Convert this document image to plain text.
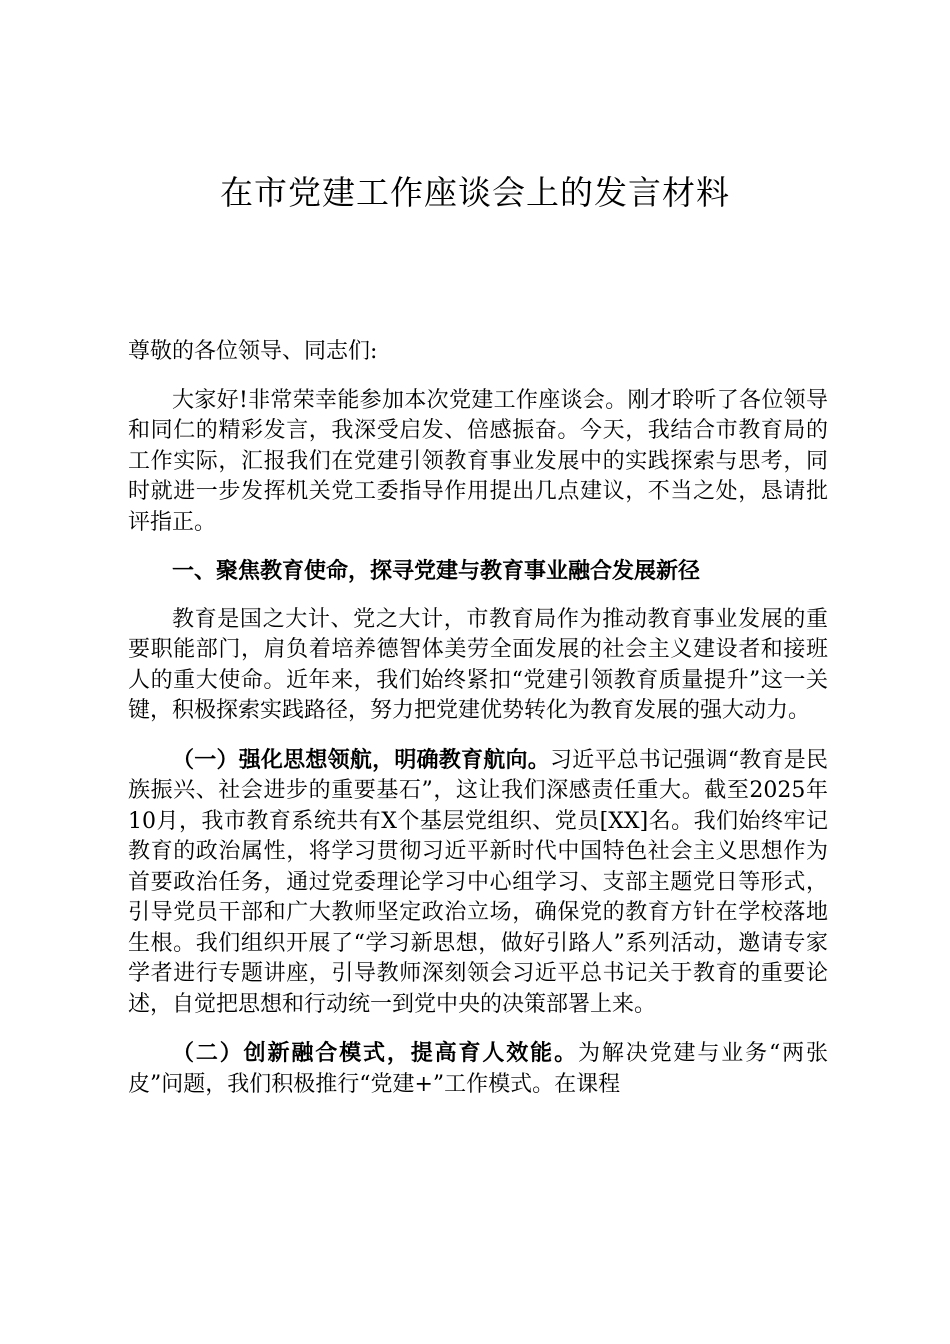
在市党建工作座谈会上的发言材料

尊敬的各位领导、同志们:

大家好!非常荣幸能参加本次党建工作座谈会。刚才聆听了各位领导和同仁的精彩发言，我深受启发、倍感振奋。今天，我结合市教育局的工作实际，汇报我们在党建引领教育事业发展中的实践探索与思考，同时就进一步发挥机关党工委指导作用提出几点建议，不当之处，恳请批评指正。

一、聚焦教育使命，探寻党建与教育事业融合发展新径

教育是国之大计、党之大计，市教育局作为推动教育事业发展的重要职能部门，肩负着培养德智体美劳全面发展的社会主义建设者和接班人的重大使命。近年来，我们始终紧扣“党建引领教育质量提升”这一关键，积极探索实践路径，努力把党建优势转化为教育发展的强大动力。

（一）强化思想领航，明确教育航向。习近平总书记强调“教育是民族振兴、社会进步的重要基石”，这让我们深感责任重大。截至2025年10月，我市教育系统共有X个基层党组织、党员[XX]名。我们始终牢记教育的政治属性，将学习贯彻习近平新时代中国特色社会主义思想作为首要政治任务，通过党委理论学习中心组学习、支部主题党日等形式，引导党员干部和广大教师坚定政治立场，确保党的教育方针在学校落地生根。我们组织开展了“学习新思想，做好引路人”系列活动，邀请专家学者进行专题讲座，引导教师深刻领会习近平总书记关于教育的重要论述，自觉把思想和行动统一到党中央的决策部署上来。

（二）创新融合模式，提高育人效能。为解决党建与业务“两张皮”问题，我们积极推行“党建+”工作模式。在课程
